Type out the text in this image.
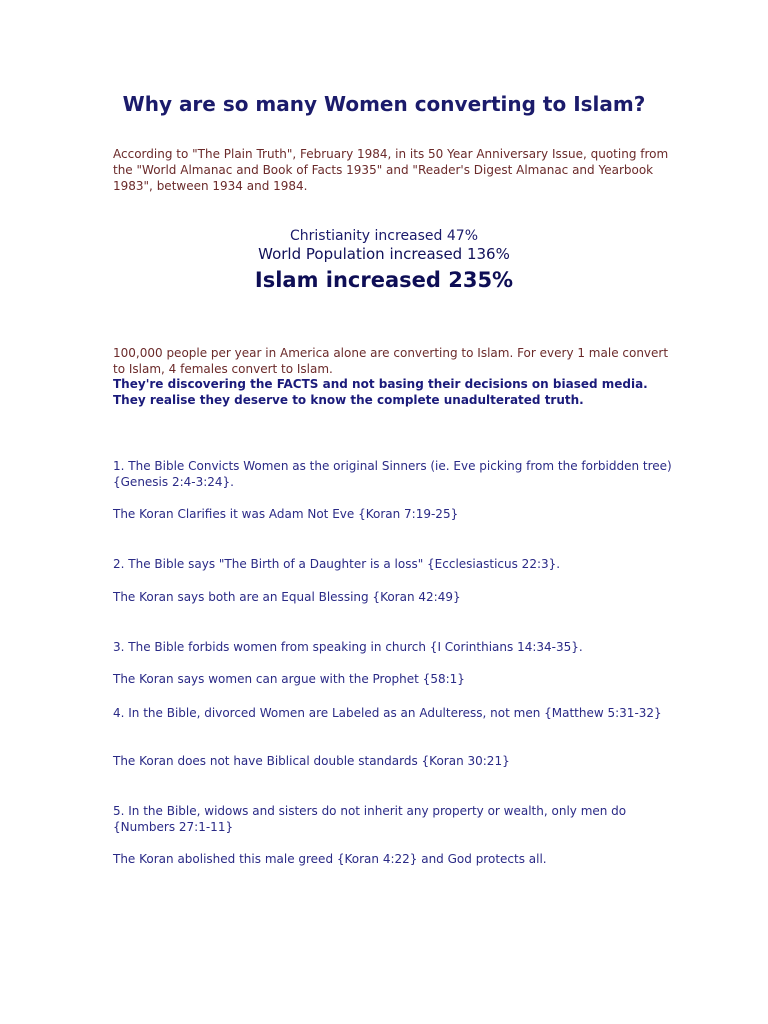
Why are so many Women converting to Islam?

According to "The Plain Truth", February 1984, in its 50 Year Anniversary Issue, quoting from the "World Almanac and Book of Facts 1935" and "Reader's Digest Almanac and Yearbook 1983", between 1934 and 1984.

Christianity increased 47%

World Population increased 136%

Islam increased 235%

100,000 people per year in America alone are converting to Islam. For every 1 male convert to Islam, 4 females convert to Islam.

They're discovering the FACTS and not basing their decisions on biased media. They realise they deserve to know the complete unadulterated truth.

1. The Bible Convicts Women as the original Sinners (ie. Eve picking from the forbidden tree){Genesis 2:4-3:24}.

The Koran Clarifies it was Adam Not Eve {Koran 7:19-25}

2. The Bible says "The Birth of a Daughter is a loss" {Ecclesiasticus 22:3}.

The Koran says both are an Equal Blessing {Koran 42:49}

3. The Bible forbids women from speaking in church {I Corinthians 14:34-35}.

The Koran says women can argue with the Prophet {58:1}

4. In the Bible, divorced Women are Labeled as an Adulteress, not men {Matthew 5:31-32}

The Koran does not have Biblical double standards {Koran 30:21}

5. In the Bible, widows and sisters do not inherit any property or wealth, only men do {Numbers 27:1-11}

The Koran abolished this male greed {Koran 4:22} and God protects all.
